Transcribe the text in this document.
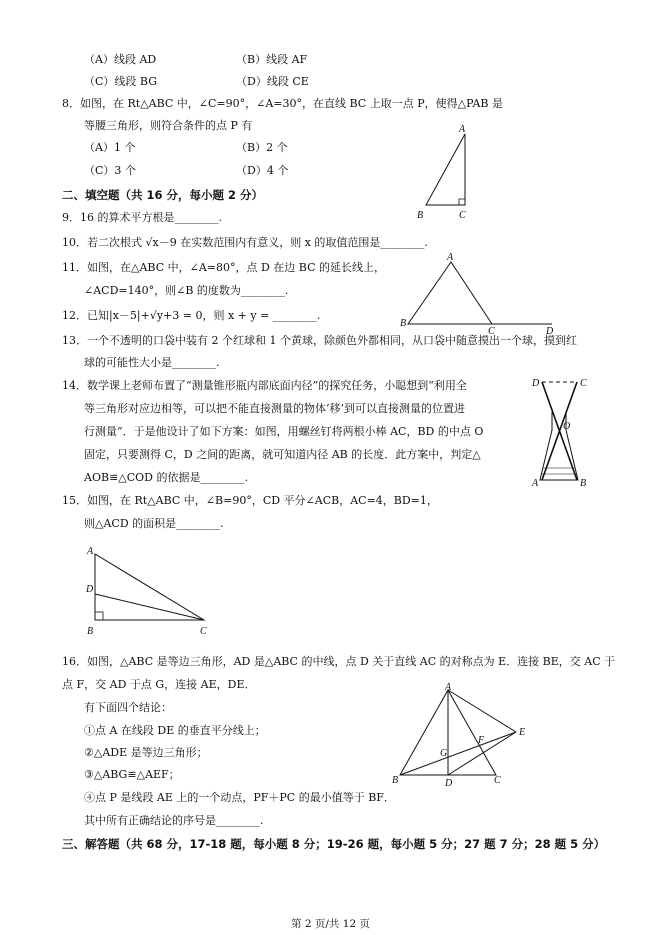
（A）线段 AD	（B）线段 AF
（C）线段 BG	（D）线段 CE
8．如图，在 Rt△ABC 中，∠C=90°，∠A=30°，在直线 BC 上取一点 P，使得△PAB 是
等腰三角形，则符合条件的点 P 有
（A）1 个	（B）2 个
（C）3 个	（D）4 个
A
B	C
二、填空题（共 16 分，每小题 2 分）
9．16 的算术平方根是________.
10．若二次根式 √x－9 在实数范围内有意义，则 x 的取值范围是________.
11．如图，在△ABC 中，∠A=80°，点 D 在边 BC 的延长线上，
∠ACD=140°，则∠B 的度数为________.
A
B
C	D
12．已知|x－5|+√y+3 = 0，则 x + y = ________.
13．一个不透明的口袋中装有 2 个红球和 1 个黄球，除颜色外都相同，从口袋中随意摸出一个球，摸到红
球的可能性大小是________.
14．数学课上老师布置了“测量锥形瓶内部底面内径”的探究任务，小聪想到“利用全
等三角形对应边相等，可以把不能直接测量的物体‘移’到可以直接测量的位置进
行测量”．于是他设计了如下方案：如图，用螺丝钉将两根小棒 AC，BD 的中点 O
固定，只要测得 C，D 之间的距离，就可知道内径 AB 的长度．此方案中，判定△
AOB≌△COD 的依据是________.
D	C
O
A	B
15．如图，在 Rt△ABC 中，∠B=90°，CD 平分∠ACB，AC=4，BD=1，
则△ACD 的面积是________.
A
D
B	C
16．如图，△ABC 是等边三角形，AD 是△ABC 的中线，点 D 关于直线 AC 的对称点为 E．连接 BE，交 AC 于
点 F，交 AD 于点 G，连接 AE，DE．
有下面四个结论：
①点 A 在线段 DE 的垂直平分线上；
②△ADE 是等边三角形；
③△ABG≌△AEF；
④点 P 是线段 AE 上的一个动点，PF＋PC 的最小值等于 BF．
其中所有正确结论的序号是________.
A
E
F
G
B	D	C
三、解答题（共 68 分，17-18 题，每小题 8 分；19-26 题，每小题 5 分；27 题 7 分；28 题 5 分）
第 2 页/共 12 页
